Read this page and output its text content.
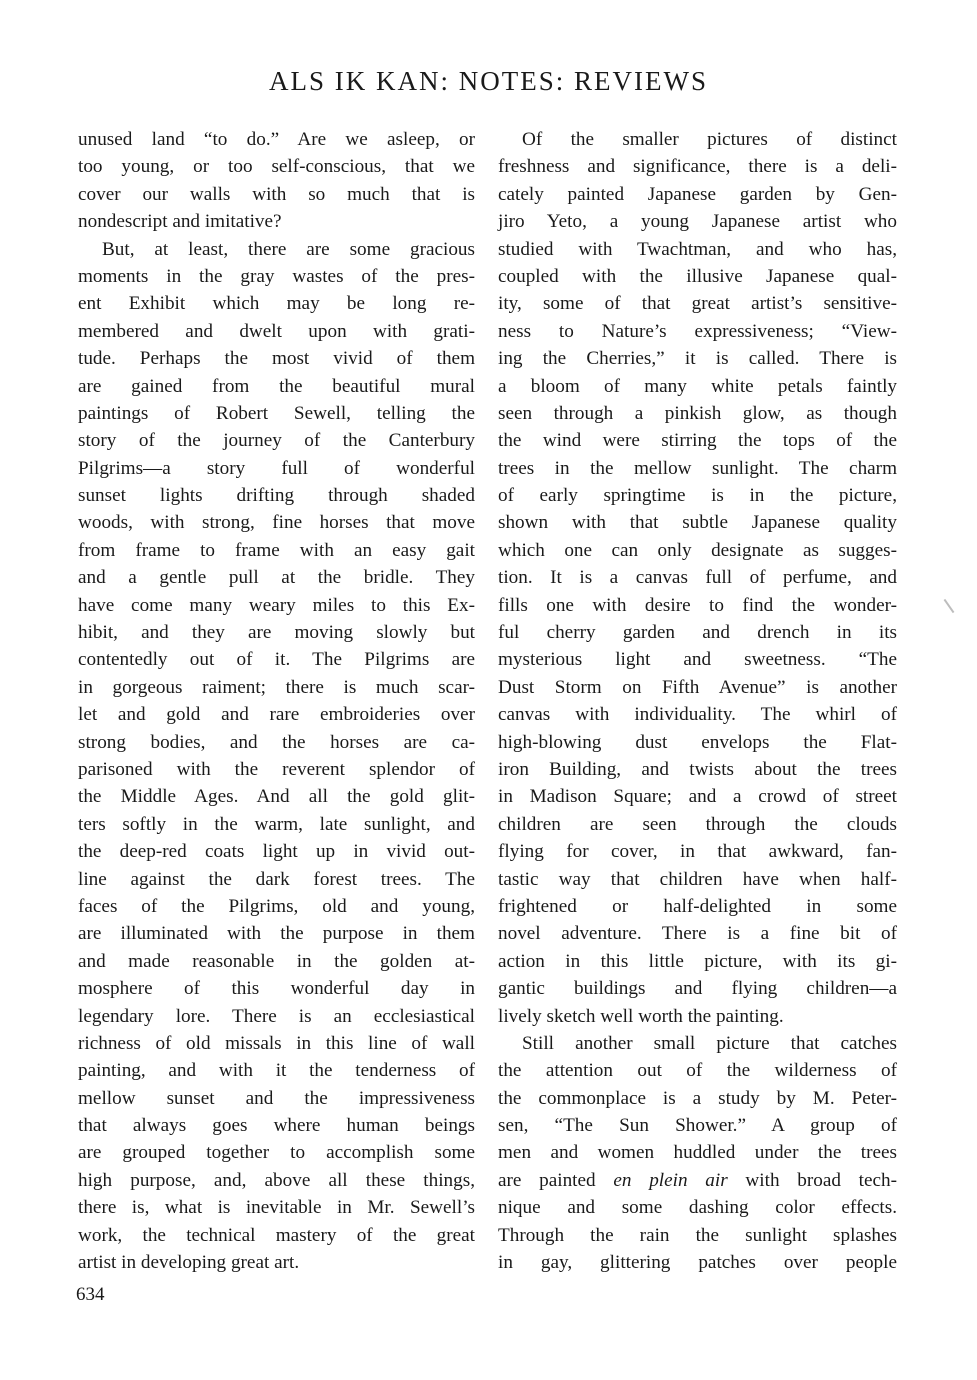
ALS IK KAN: NOTES: REVIEWS
unused land “to do.” Are we asleep, or
too young, or too self-conscious, that we
cover our walls with so much that is
nondescript and imitative?
But, at least, there are some gracious
moments in the gray wastes of the pres-
ent Exhibit which may be long re-
membered and dwelt upon with grati-
tude. Perhaps the most vivid of them
are gained from the beautiful mural
paintings of Robert Sewell, telling the
story of the journey of the Canterbury
Pilgrims—a story full of wonderful
sunset lights drifting through shaded
woods, with strong, fine horses that move
from frame to frame with an easy gait
and a gentle pull at the bridle. They
have come many weary miles to this Ex-
hibit, and they are moving slowly but
contentedly out of it. The Pilgrims are
in gorgeous raiment; there is much scar-
let and gold and rare embroideries over
strong bodies, and the horses are ca-
parisoned with the reverent splendor of
the Middle Ages. And all the gold glit-
ters softly in the warm, late sunlight, and
the deep-red coats light up in vivid out-
line against the dark forest trees. The
faces of the Pilgrims, old and young,
are illuminated with the purpose in them
and made reasonable in the golden at-
mosphere of this wonderful day in
legendary lore. There is an ecclesiastical
richness of old missals in this line of wall
painting, and with it the tenderness of
mellow sunset and the impressiveness
that always goes where human beings
are grouped together to accomplish some
high purpose, and, above all these things,
there is, what is inevitable in Mr. Sewell’s
work, the technical mastery of the great
artist in developing great art.
Of the smaller pictures of distinct
freshness and significance, there is a deli-
cately painted Japanese garden by Gen-
jiro Yeto, a young Japanese artist who
studied with Twachtman, and who has,
coupled with the illusive Japanese qual-
ity, some of that great artist’s sensitive-
ness to Nature’s expressiveness; “View-
ing the Cherries,” it is called. There is
a bloom of many white petals faintly
seen through a pinkish glow, as though
the wind were stirring the tops of the
trees in the mellow sunlight. The charm
of early springtime is in the picture,
shown with that subtle Japanese quality
which one can only designate as sugges-
tion. It is a canvas full of perfume, and
fills one with desire to find the wonder-
ful cherry garden and drench in its
mysterious light and sweetness. “The
Dust Storm on Fifth Avenue” is another
canvas with individuality. The whirl of
high-blowing dust envelops the Flat-
iron Building, and twists about the trees
in Madison Square; and a crowd of street
children are seen through the clouds
flying for cover, in that awkward, fan-
tastic way that children have when half-
frightened or half-delighted in some
novel adventure. There is a fine bit of
action in this little picture, with its gi-
gantic buildings and flying children—a
lively sketch well worth the painting.
Still another small picture that catches
the attention out of the wilderness of
the commonplace is a study by M. Peter-
sen, “The Sun Shower.” A group of
men and women huddled under the trees
are painted en plein air with broad tech-
nique and some dashing color effects.
Through the rain the sunlight splashes
in gay, glittering patches over people
634
